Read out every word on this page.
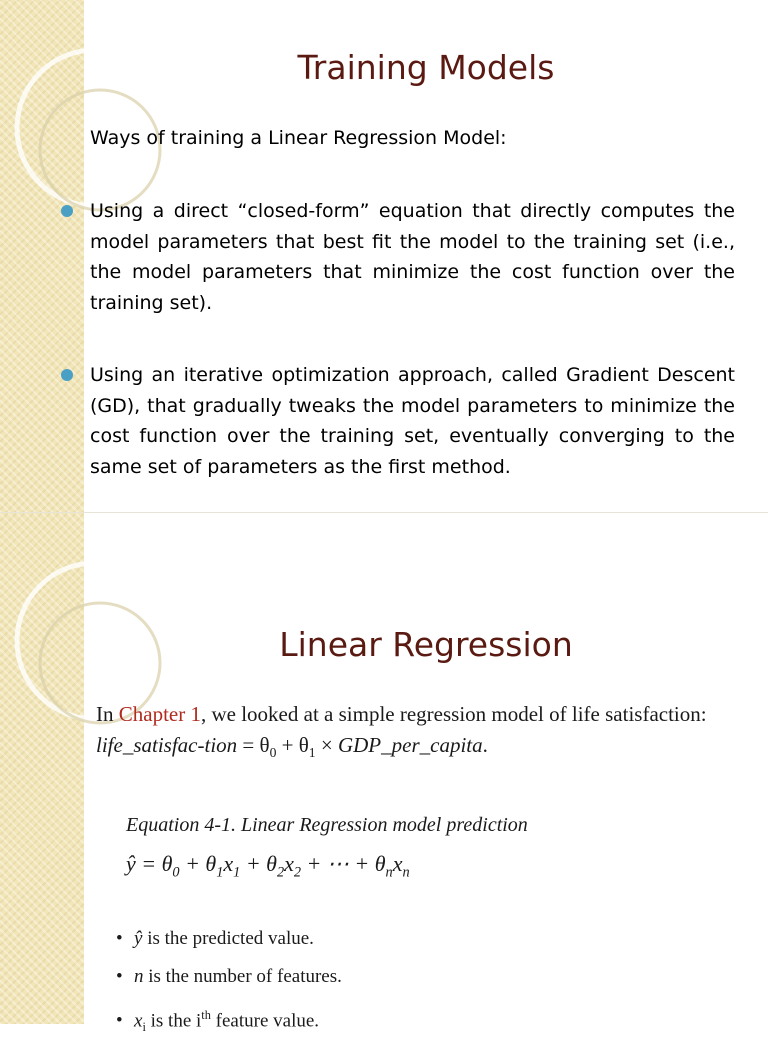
Training Models

Ways of training a Linear Regression Model:

Using a direct “closed-form” equation that directly computes the model parameters that best fit the model to the training set (i.e., the model parameters that minimize the cost function over the training set).
Using an iterative optimization approach, called Gradient Descent (GD), that gradually tweaks the model parameters to minimize the cost function over the training set, eventually converging to the same set of parameters as the first method.
Linear Regression

In Chapter 1, we looked at a simple regression model of life satisfaction: life_satisfac-tion = $\theta_0 + \theta_1$ × GDP_per_capita.

Equation 4-1. Linear Regression model prediction

ŷ = $\theta_0 + \theta_1x_1 + \theta_2x_2$ + ⋯ + $\theta_nx_n$

• ŷ is the predicted value.
• n is the number of features.
• $x_i$ is the $i^{th}$ feature value.
